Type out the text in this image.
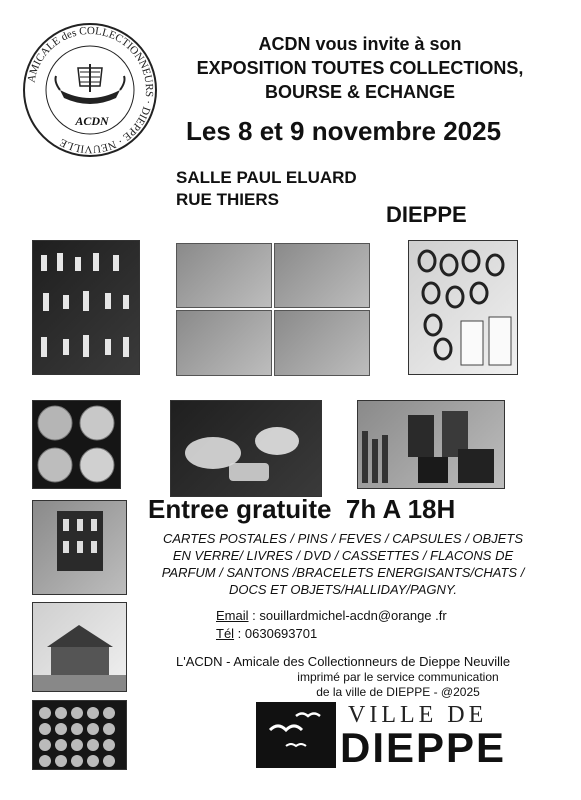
AMICALE des COLLECTIONNEURS · DIEPPE · NEUVILLE
ACDN
ACDN vous invite à son
EXPOSITION TOUTES COLLECTIONS,
BOURSE & ECHANGE
Les 8 et 9 novembre 2025
SALLE PAUL ELUARD
RUE THIERS
DIEPPE
Entree gratuite  7h A 18H
CARTES POSTALES / PINS / FEVES / CAPSULES / OBJETS EN VERRE/ LIVRES / DVD / CASSETTES / FLACONS DE PARFUM / SANTONS /BRACELETS ENERGISANTS/CHATS / DOCS ET OBJETS/HALLIDAY/PAGNY.
Email : souillardmichel-acdn@orange .fr
Tél : 0630693701
L'ACDN - Amicale des Collectionneurs de Dieppe Neuville
imprimé par le service communication
de la ville de DIEPPE - @2025
VILLE DE
DIEPPE
